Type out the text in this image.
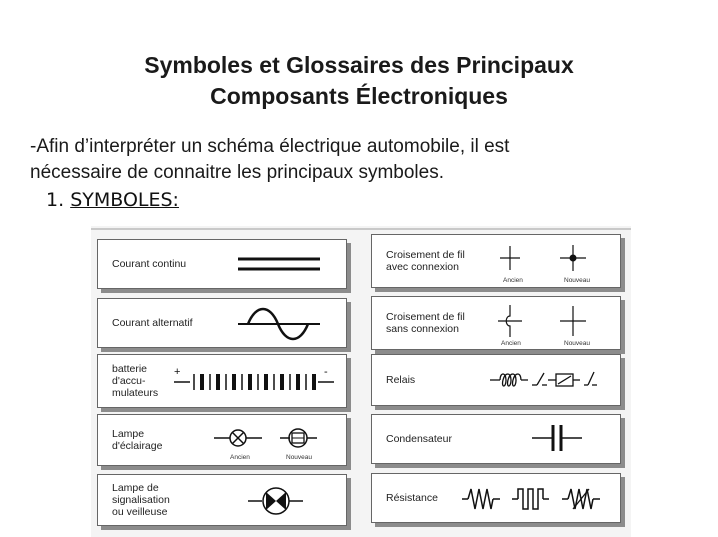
Symboles et Glossaires des Principaux
Composants Électroniques
-Afin d’interpréter un schéma électrique automobile, il est
nécessaire de connaitre les principaux symboles.
1. SYMBOLES:
Courant continu
Courant alternatif
batterie
d'accu-
mulateurs
+	-
Lampe
d'éclairage
Ancien	Nouveau
Lampe de
signalisation
ou veilleuse
Croisement de fil
avec connexion
Ancien	Nouveau
Croisement de fil
sans connexion
Ancien	Nouveau
Relais
Condensateur
Résistance
